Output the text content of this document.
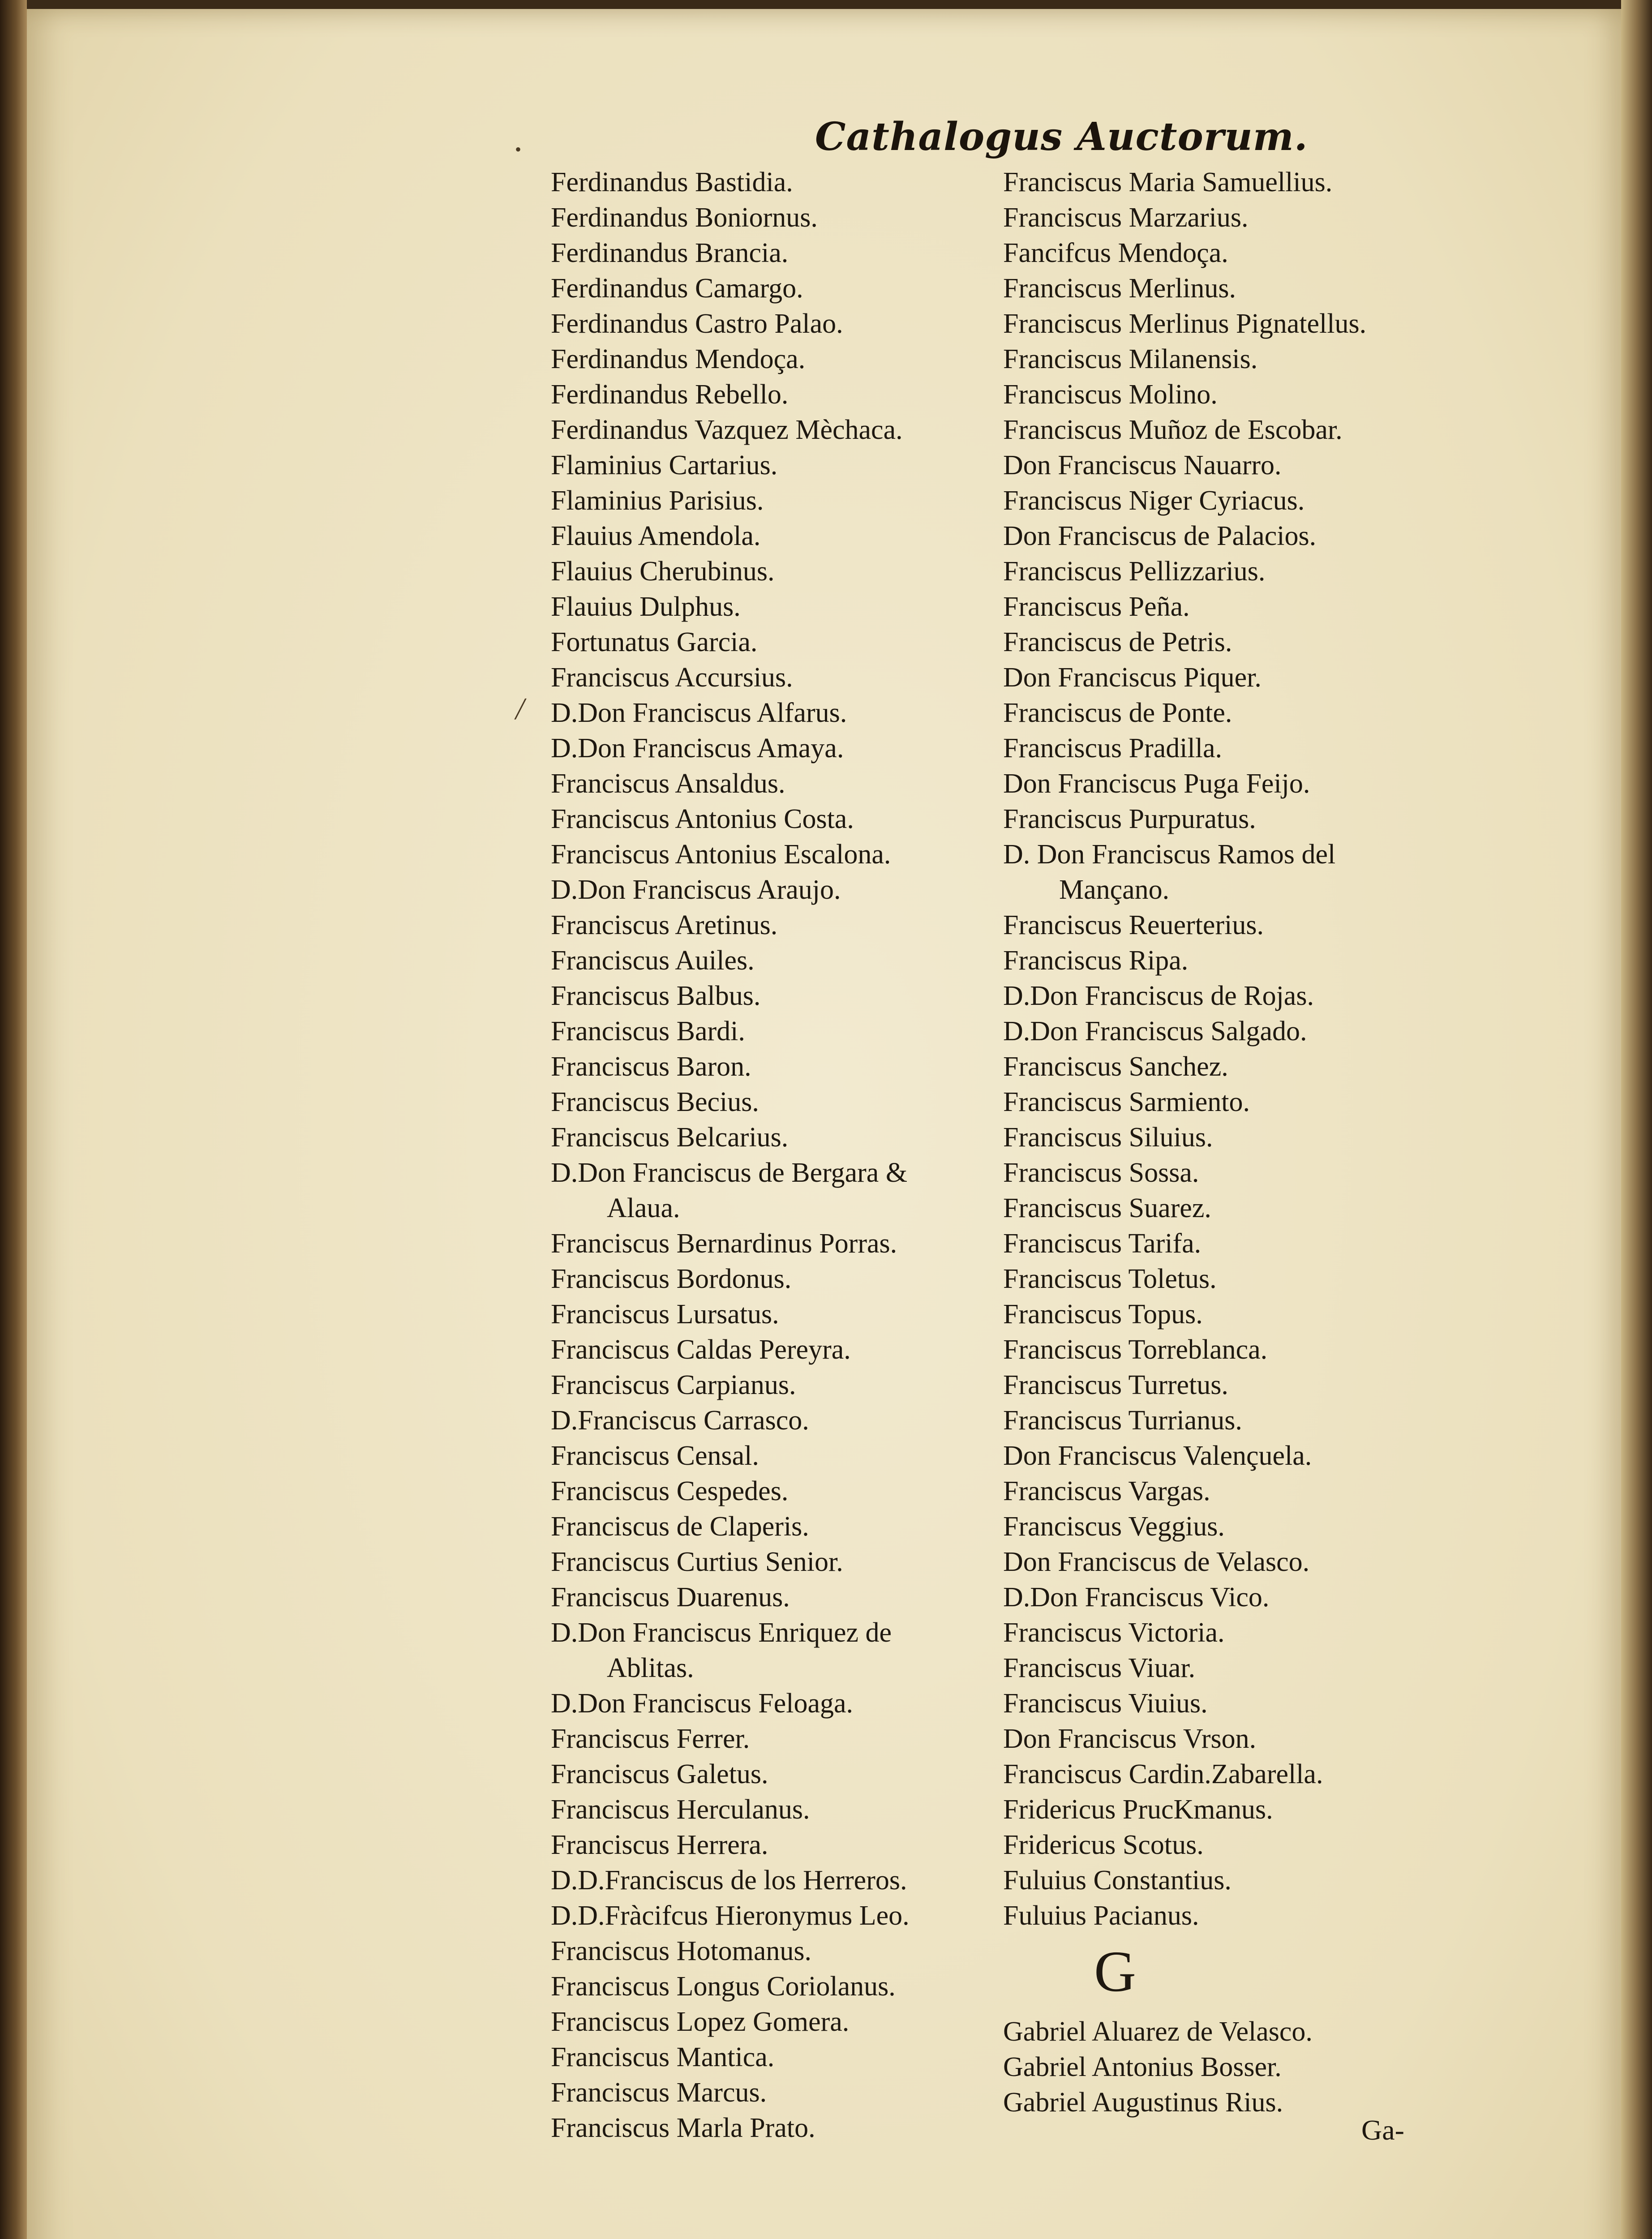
Cathalogus Auctorum.
Ferdinandus Bastidia.
Ferdinandus Boniornus.
Ferdinandus Brancia.
Ferdinandus Camargo.
Ferdinandus Castro Palao.
Ferdinandus Mendoça.
Ferdinandus Rebello.
Ferdinandus Vazquez Mèchaca.
Flaminius Cartarius.
Flaminius Parisius.
Flauius Amendola.
Flauius Cherubinus.
Flauius Dulphus.
Fortunatus Garcia.
Franciscus Accursius.
D.Don Franciscus Alfarus.
D.Don Franciscus Amaya.
Franciscus Ansaldus.
Franciscus Antonius Costa.
Franciscus Antonius Escalona.
D.Don Franciscus Araujo.
Franciscus Aretinus.
Franciscus Auiles.
Franciscus Balbus.
Franciscus Bardi.
Franciscus Baron.
Franciscus Becius.
Franciscus Belcarius.
D.Don Franciscus de Bergara &
Alaua.
Franciscus Bernardinus Porras.
Franciscus Bordonus.
Franciscus Lursatus.
Franciscus Caldas Pereyra.
Franciscus Carpianus.
D.Franciscus Carrasco.
Franciscus Censal.
Franciscus Cespedes.
Franciscus de Claperis.
Franciscus Curtius Senior.
Franciscus Duarenus.
D.Don Franciscus Enriquez de
Ablitas.
D.Don Franciscus Feloaga.
Franciscus Ferrer.
Franciscus Galetus.
Franciscus Herculanus.
Franciscus Herrera.
D.D.Franciscus de los Herreros.
D.D.Fràcifcus Hieronymus Leo.
Franciscus Hotomanus.
Franciscus Longus Coriolanus.
Franciscus Lopez Gomera.
Franciscus Mantica.
Franciscus Marcus.
Franciscus Marla Prato.
Franciscus Maria Samuellius.
Franciscus Marzarius.
Fancifcus Mendoça.
Franciscus Merlinus.
Franciscus Merlinus Pignatellus.
Franciscus Milanensis.
Franciscus Molino.
Franciscus Muñoz de Escobar.
Don Franciscus Nauarro.
Franciscus Niger Cyriacus.
Don Franciscus de Palacios.
Franciscus Pellizzarius.
Franciscus Peña.
Franciscus de Petris.
Don Franciscus Piquer.
Franciscus de Ponte.
Franciscus Pradilla.
Don Franciscus Puga Feijo.
Franciscus Purpuratus.
D. Don Franciscus Ramos del
Mançano.
Franciscus Reuerterius.
Franciscus Ripa.
D.Don Franciscus de Rojas.
D.Don Franciscus Salgado.
Franciscus Sanchez.
Franciscus Sarmiento.
Franciscus Siluius.
Franciscus Sossa.
Franciscus Suarez.
Franciscus Tarifa.
Franciscus Toletus.
Franciscus Topus.
Franciscus Torreblanca.
Franciscus Turretus.
Franciscus Turrianus.
Don Franciscus Valençuela.
Franciscus Vargas.
Franciscus Veggius.
Don Franciscus de Velasco.
D.Don Franciscus Vico.
Franciscus Victoria.
Franciscus Viuar.
Franciscus Viuius.
Don Franciscus Vrson.
Franciscus Cardin.Zabarella.
Fridericus PrucKmanus.
Fridericus Scotus.
Fuluius Constantius.
Fuluius Pacianus.
G
Gabriel Aluarez de Velasco.
Gabriel Antonius Bosser.
Gabriel Augustinus Rius.
Ga-
•
╱
